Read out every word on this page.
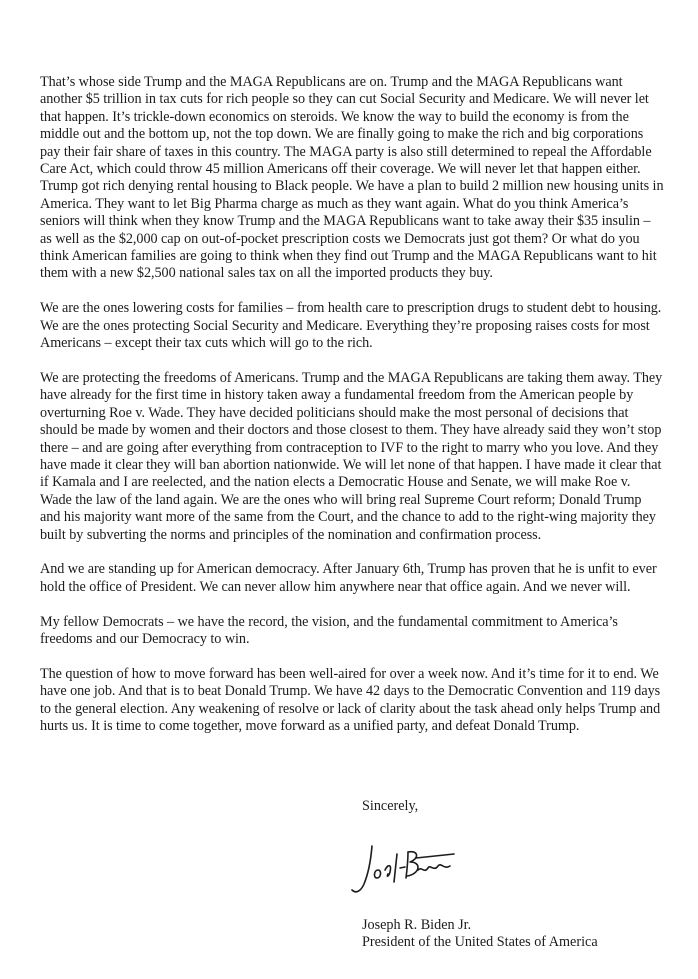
That’s whose side Trump and the MAGA Republicans are on. Trump and the MAGA Republicans want another $5 trillion in tax cuts for rich people so they can cut Social Security and Medicare. We will never let that happen. It’s trickle-down economics on steroids. We know the way to build the economy is from the middle out and the bottom up, not the top down. We are finally going to make the rich and big corporations pay their fair share of taxes in this country. The MAGA party is also still determined to repeal the Affordable Care Act, which could throw 45 million Americans off their coverage. We will never let that happen either. Trump got rich denying rental housing to Black people. We have a plan to build 2 million new housing units in America. They want to let Big Pharma charge as much as they want again. What do you think America’s seniors will think when they know Trump and the MAGA Republicans want to take away their $35 insulin – as well as the $2,000 cap on out-of-pocket prescription costs we Democrats just got them? Or what do you think American families are going to think when they find out Trump and the MAGA Republicans want to hit them with a new $2,500 national sales tax on all the imported products they buy.

We are the ones lowering costs for families – from health care to prescription drugs to student debt to housing. We are the ones protecting Social Security and Medicare. Everything they’re proposing raises costs for most Americans – except their tax cuts which will go to the rich.

We are protecting the freedoms of Americans. Trump and the MAGA Republicans are taking them away. They have already for the first time in history taken away a fundamental freedom from the American people by overturning Roe v. Wade. They have decided politicians should make the most personal of decisions that should be made by women and their doctors and those closest to them. They have already said they won’t stop there – and are going after everything from contraception to IVF to the right to marry who you love. And they have made it clear they will ban abortion nationwide. We will let none of that happen. I have made it clear that if Kamala and I are reelected, and the nation elects a Democratic House and Senate, we will make Roe v. Wade the law of the land again. We are the ones who will bring real Supreme Court reform; Donald Trump and his majority want more of the same from the Court, and the chance to add to the right-wing majority they built by subverting the norms and principles of the nomination and confirmation process.

And we are standing up for American democracy. After January 6th, Trump has proven that he is unfit to ever hold the office of President. We can never allow him anywhere near that office again. And we never will.

My fellow Democrats – we have the record, the vision, and the fundamental commitment to America’s freedoms and our Democracy to win.

The question of how to move forward has been well-aired for over a week now. And it’s time for it to end. We have one job. And that is to beat Donald Trump. We have 42 days to the Democratic Convention and 119 days to the general election. Any weakening of resolve or lack of clarity about the task ahead only helps Trump and hurts us. It is time to come together, move forward as a unified party, and defeat Donald Trump.

Sincerely,
Joseph R. Biden Jr.
President of the United States of America
